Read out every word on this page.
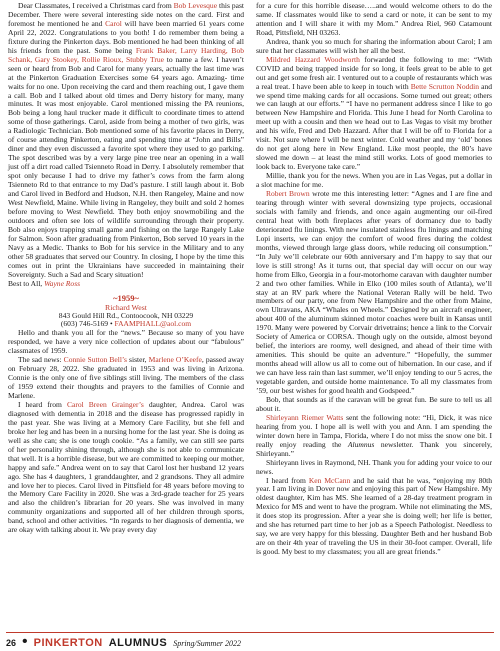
Dear Classmates, I received a Christmas card from Bob Levesque this past December. There were several interesting side notes on the card. First and foremost he mentioned he and Carol will have been married 61 years come April 22, 2022. Congratulations to you both! I do remember them being a fixture during the Pinkerton days. Bob mentioned he had been thinking of all his friends from the past. Some being Frank Baker, Larry Harding, Bob Schank, Gary Stookey, Rollie Rioux, Stubby True to name a few. I haven’t seen or heard from Bob and Carol for many years, actually the last time was at the Pinkerton Graduation Exercises some 64 years ago. Amazing- time waits for no one. Upon receiving the card and them reaching out, I gave them a call. Bob and I talked about old times and Derry history for many, many minutes. It was most enjoyable. Carol mentioned missing the PA reunions, Bob being a long haul trucker made it difficult to coordinate times to attend some of those gatherings. Carol, aside from being a mother of two girls, was a Radiologic Technician. Bob mentioned some of his favorite places in Derry, of course attending Pinkerton, eating and spending time at “John and Bills” diner and they even discussed a favorite spot where they used to go parking. The spot described was by a very large pine tree near an opening in a wall just off a dirt road called Tsienneto Road in Derry. I absolutely remember that spot only because I had to drive my father’s cows from the farm along Tsienneto Rd to that entrance to my Dad’s pasture. I still laugh about it. Bob and Carol lived in Bedford and Hudson, N.H. then Rangeley, Maine and now West Newfield, Maine. While living in Rangeley, they built and sold 2 homes before moving to West Newfield. They both enjoy snowmobiling and the outdoors and often see lots of wildlife surrounding through their property. Bob also enjoys trapping small game and fishing on the large Rangely Lake for Salmon. Soon after graduating from Pinkerton, Bob served 10 years in the Navy as a Medic. Thanks to Bob for his service in the Military and to any other 58 graduates that served our Country. In closing, I hope by the time this comes out in print the Ukrainians have succeeded in maintaining their Sovereignty. Such a Sad and Scary situation!

Best to All, Wayne Ross

~1959~
Richard West
843 Gould Hill Rd., Contoocook, NH 03229
(603) 746-5169 • FAAMPHALL@aol.com

Hello and thank you all for the “news.” Because so many of you have responded, we have a very nice collection of updates about our “fabulous” classmates of 1959.

The sad news: Connie Sutton Bell’s sister, Marlene O’Keefe, passed away on February 28, 2022. She graduated in 1953 and was living in Arizona. Connie is the only one of five siblings still living. The members of the class of 1959 extend their thoughts and prayers to the families of Connie and Marlene.

I heard from Carol Breen Grainger’s daughter, Andrea. Carol was diagnosed with dementia in 2018 and the disease has progressed rapidly in the past year. She was living at a Memory Care Facility, but she fell and broke her leg and has been in a nursing home for the last year. She is doing as well as she can; she is one tough cookie. “As a family, we can still see parts of her personality shining through, although she is not able to communicate that well. It is a horrible disease, but we are committed to keeping our mother, happy and safe.” Andrea went on to say that Carol lost her husband 12 years ago. She has 4 daughters, 1 granddaughter, and 2 grandsons. They all admire and love her to pieces. Carol lived in Pittsfield for 48 years before moving to the Memory Care Facility in 2020. She was a 3rd-grade teacher for 25 years and also the children’s librarian for 20 years. She was involved in many community organizations and supported all of her children through sports, band, school and other activities. “In regards to her diagnosis of dementia, we are okay with talking about it. We pray every day

for a cure for this horrible disease…..and would welcome others to do the same. If classmates would like to send a card or note, it can be sent to my attention and I will share it with my Mom.” Andrea Riel, 960 Catamount Road, Pittsfield, NH 03263.

Andrea, thank you so much for sharing the information about Carol; I am sure that her classmates will wish her all the best.

Mildred Hazzard Woodworth forwarded the following to me: “With COVID and being trapped inside for so long, it feels great to be able to get out and get some fresh air. I ventured out to a couple of restaurants which was a real treat. I have been able to keep in touch with Bette Scrutton Noddin and we spend time making cards for all occasions. Some turned out great; others we can laugh at our efforts.” “I have no permanent address since I like to go between New Hampshire and Florida. This June I head for North Carolina to meet up with a cousin and then we head out to Las Vegas to visit my brother and his wife, Fred and Deb Hazzard. After that I will be off to Florida for a visit. Not sure where I will be next winter. Cold weather and my ‘old’ bones do not get along here in New England. Like most people, the 80’s have slowed me down – at least the mind still works. Lots of good memories to look back to. Everyone take care.”

Millie, thank you for the news. When you are in Las Vegas, put a dollar in a slot machine for me.

Robert Brown wrote me this interesting letter: “Agnes and I are fine and tearing through winter with several downsizing type projects, occasional socials with family and friends, and once again augmenting our oil-fired central heat with both fireplaces after years of dormancy due to badly deteriorated flu linings. With new insulated stainless flu linings and matching Lopi inserts, we can enjoy the comfort of wood fires during the coldest months, viewed through large glass doors, while reducing oil consumption.” “In July we’ll celebrate our 60th anniversary and I’m happy to say that our love is still strong! As it turns out, that special day will occur on our way home from Elko, Georgia in a four-motorhome caravan with daughter number 2 and two other families. While in Elko (100 miles south of Atlanta), we’ll stay at an RV park where the National Veteran Rally will be held. Two members of our party, one from New Hampshire and the other from Maine, own Ultravans, AKA “Whales on Wheels.” Designed by an aircraft engineer, about 400 of the aluminum skinned motor coaches were built in Kansas until 1970. Many were powered by Corvair drivetrains; hence a link to the Corvair Society of America or CORSA. Though ugly on the outside, almost beyond belief, the interiors are roomy, well designed, and ahead of their time with amenities. This should be quite an adventure.” “Hopefully, the summer months ahead will allow us all to come out of hibernation. In our case, and if we can have less rain than last summer, we’ll enjoy tending to our 5 acres, the vegetable garden, and outside home maintenance. To all my classmates from ’59, our best wishes for good health and Godspeed.”

Bob, that sounds as if the caravan will be great fun. Be sure to tell us all about it.

Shirleyann Riemer Watts sent the following note: “Hi, Dick, it was nice hearing from you. I hope all is well with you and Ann. I am spending the winter down here in Tampa, Florida, where I do not miss the snow one bit. I really enjoy reading the Alumnus newsletter. Thank you sincerely, Shirleyann.”

Shirleyann lives in Raymond, NH. Thank you for adding your voice to our news.

I heard from Ken McCann and he said that he was, “enjoying my 80th year. I am living in Dover now and enjoying this part of New Hampshire. My oldest daughter, Kim has MS. She learned of a 28-day treatment program in Mexico for MS and went to have the program. While not eliminating the MS, it does stop its progression. After a year she is doing well; her life is better, and she has returned part time to her job as a Speech Pathologist. Needless to say, we are very happy for this blessing. Daughter Beth and her husband Bob are on their 4th year of traveling the US in their 30-foot camper. Overall, life is good. My best to my classmates; you all are great friends.”

26 • PINKERTON ALUMNUS Spring/Summer 2022
